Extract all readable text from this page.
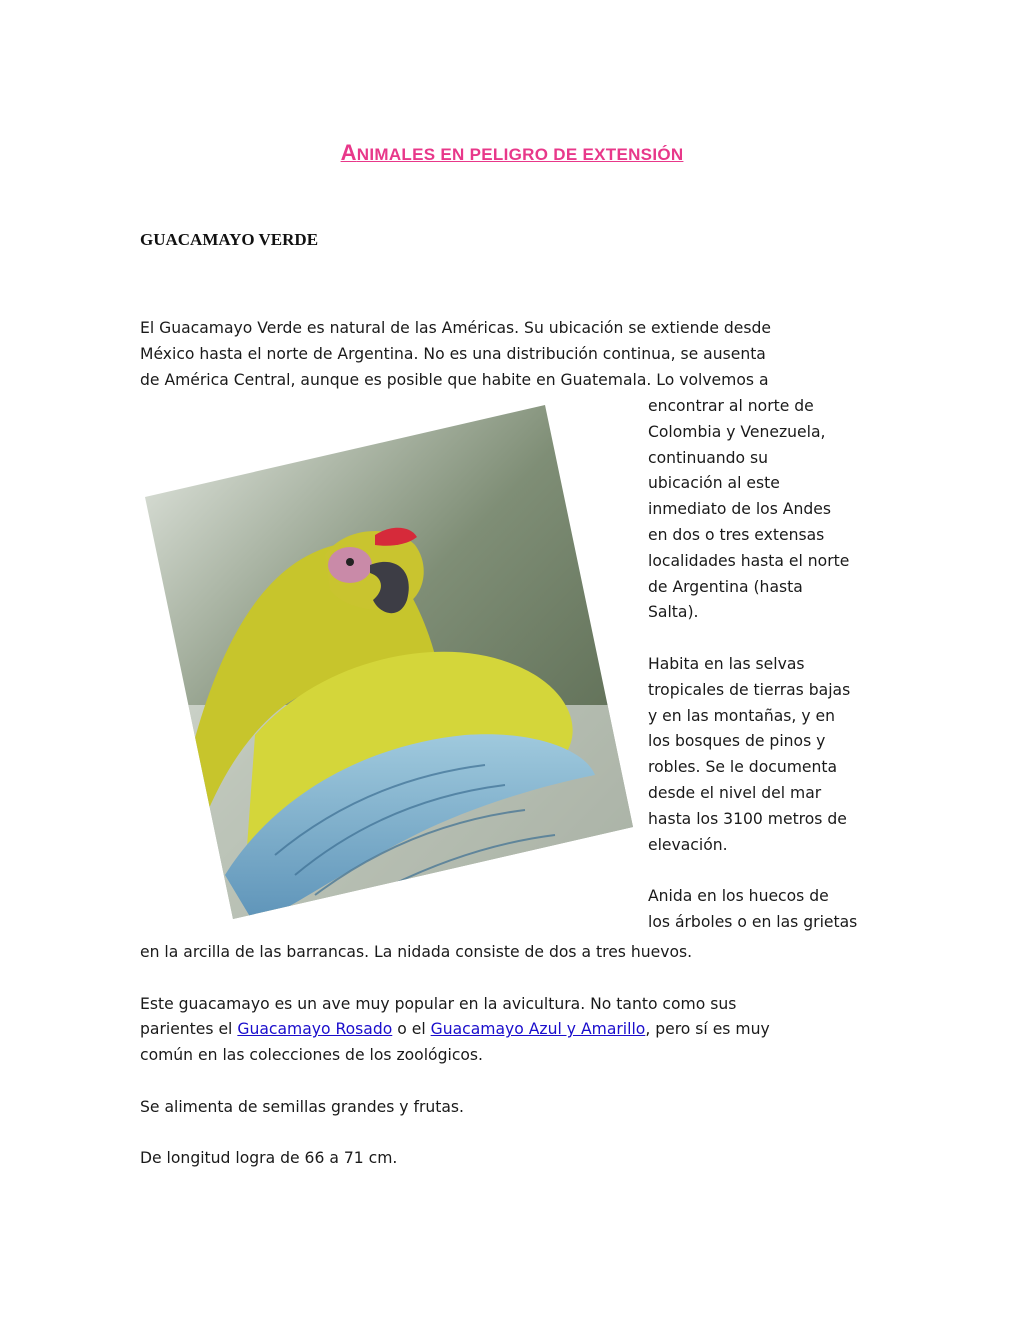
ANIMALES EN PELIGRO DE EXTENSIÓN
GUACAMAYO VERDE

El Guacamayo Verde es natural de las Américas. Su ubicación se extiende desde
México hasta el norte de Argentina. No es una distribución continua, se ausenta
de América Central, aunque es posible que habite en Guatemala. Lo volvemos a

encontrar al norte de
Colombia y Venezuela,
continuando su
ubicación al este
inmediato de los Andes
en dos o tres extensas
localidades hasta el norte
de Argentina (hasta
Salta).
Habita en las selvas
tropicales de tierras bajas
y en las montañas, y en
los bosques de pinos y
robles. Se le documenta
desde el nivel del mar
hasta los 3100 metros de
elevación.
Anida en los huecos de
los árboles o en las grietas

en la arcilla de las barrancas. La nidada consiste de dos a tres huevos.

Este guacamayo es un ave muy popular en la avicultura. No tanto como sus
parientes el Guacamayo Rosado o el Guacamayo Azul y Amarillo, pero sí es muy
común en las colecciones de los zoológicos.

Se alimenta de semillas grandes y frutas.

De longitud logra de 66 a 71 cm.
